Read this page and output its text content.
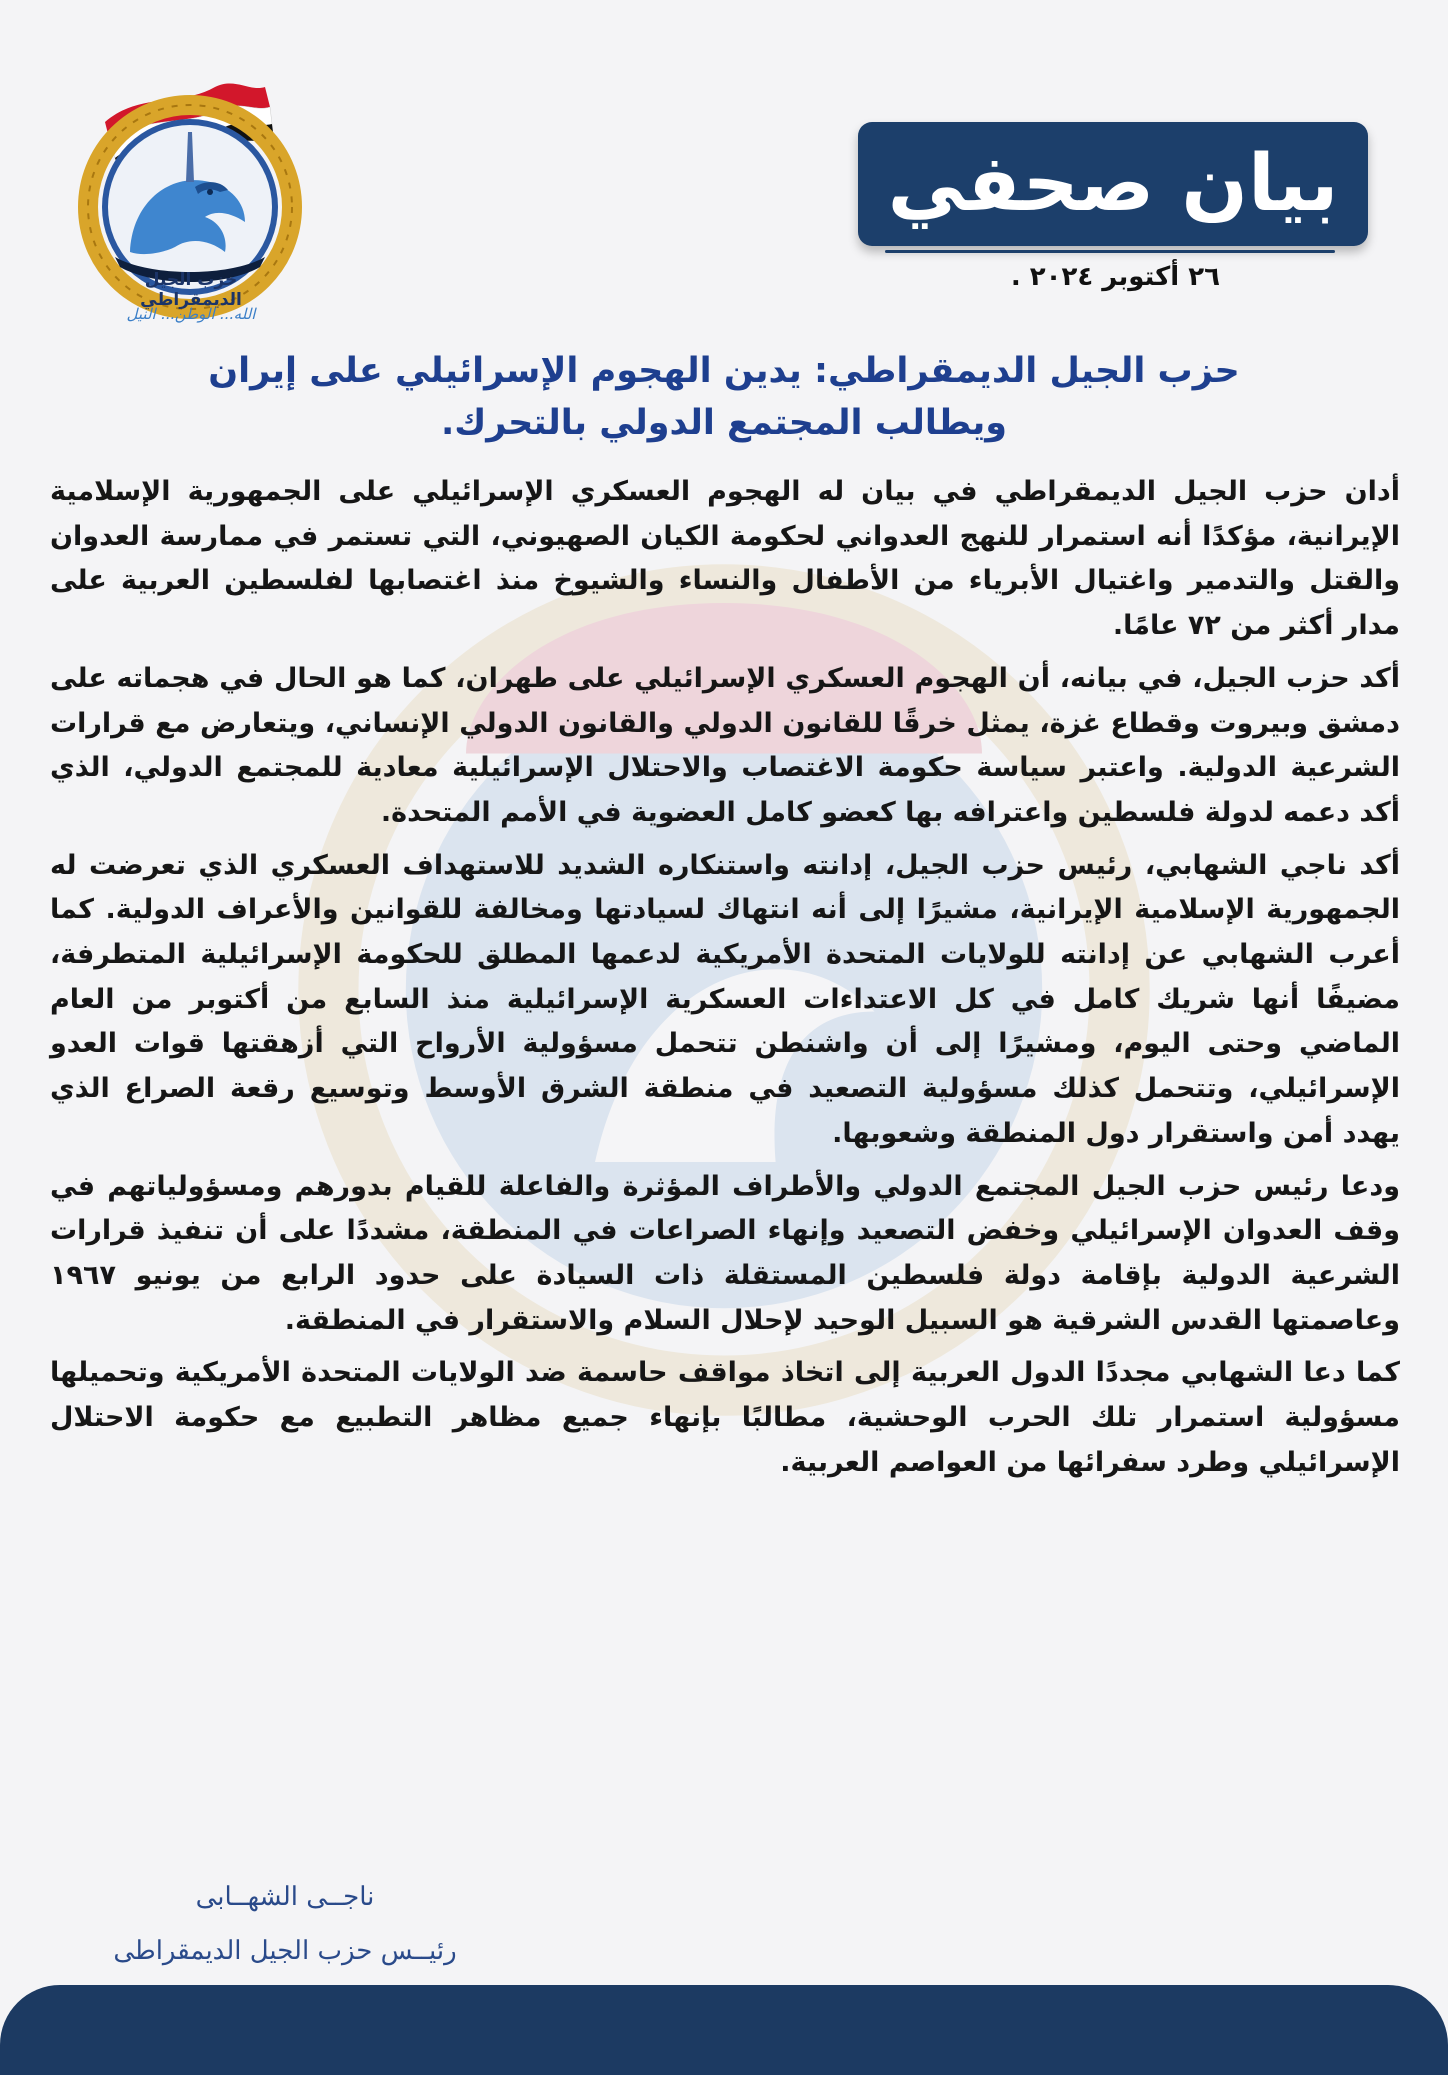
حزب الجيل الديمقراطي
الله... الوطن... النيل
بيان صحفي
٢٦ أكتوبر ٢٠٢٤ .
حزب الجيل الديمقراطي: يدين الهجوم الإسرائيلي على إيران
ويطالب المجتمع الدولي بالتحرك.

أدان حزب الجيل الديمقراطي في بيان له الهجوم العسكري الإسرائيلي على الجمهورية الإسلامية الإيرانية، مؤكدًا أنه استمرار للنهج العدواني لحكومة الكيان الصهيوني، التي تستمر في ممارسة العدوان والقتل والتدمير واغتيال الأبرياء من الأطفال والنساء والشيوخ منذ اغتصابها لفلسطين العربية على مدار أكثر من ٧٢ عامًا.

أكد حزب الجيل، في بيانه، أن الهجوم العسكري الإسرائيلي على طهران، كما هو الحال في هجماته على دمشق وبيروت وقطاع غزة، يمثل خرقًا للقانون الدولي والقانون الدولي الإنساني، ويتعارض مع قرارات الشرعية الدولية. واعتبر سياسة حكومة الاغتصاب والاحتلال الإسرائيلية معادية للمجتمع الدولي، الذي أكد دعمه لدولة فلسطين واعترافه بها كعضو كامل العضوية في الأمم المتحدة.

أكد ناجي الشهابي، رئيس حزب الجيل، إدانته واستنكاره الشديد للاستهداف العسكري الذي تعرضت له الجمهورية الإسلامية الإيرانية، مشيرًا إلى أنه انتهاك لسيادتها ومخالفة للقوانين والأعراف الدولية. كما أعرب الشهابي عن إدانته للولايات المتحدة الأمريكية لدعمها المطلق للحكومة الإسرائيلية المتطرفة، مضيفًا أنها شريك كامل في كل الاعتداءات العسكرية الإسرائيلية منذ السابع من أكتوبر من العام الماضي وحتى اليوم، ومشيرًا إلى أن واشنطن تتحمل مسؤولية الأرواح التي أزهقتها قوات العدو الإسرائيلي، وتتحمل كذلك مسؤولية التصعيد في منطقة الشرق الأوسط وتوسيع رقعة الصراع الذي يهدد أمن واستقرار دول المنطقة وشعوبها.

ودعا رئيس حزب الجيل المجتمع الدولي والأطراف المؤثرة والفاعلة للقيام بدورهم ومسؤولياتهم في وقف العدوان الإسرائيلي وخفض التصعيد وإنهاء الصراعات في المنطقة، مشددًا على أن تنفيذ قرارات الشرعية الدولية بإقامة دولة فلسطين المستقلة ذات السيادة على حدود الرابع من يونيو ١٩٦٧ وعاصمتها القدس الشرقية هو السبيل الوحيد لإحلال السلام والاستقرار في المنطقة.

كما دعا الشهابي مجددًا الدول العربية إلى اتخاذ مواقف حاسمة ضد الولايات المتحدة الأمريكية وتحميلها مسؤولية استمرار تلك الحرب الوحشية، مطالبًا بإنهاء جميع مظاهر التطبيع مع حكومة الاحتلال الإسرائيلي وطرد سفرائها من العواصم العربية.

ناجــى الشهــابى
رئيــس حزب الجيل الديمقراطى
